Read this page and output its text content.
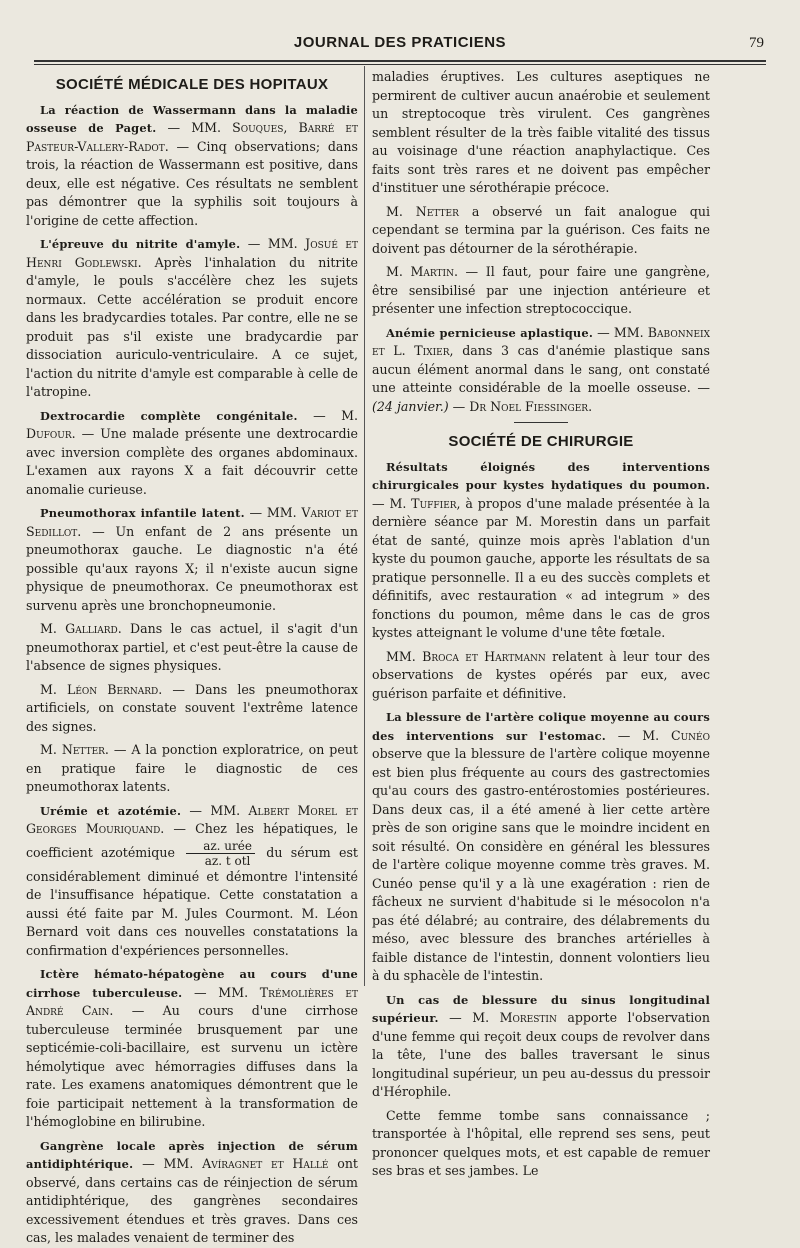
JOURNAL DES PRATICIENS	79
SOCIÉTÉ MÉDICALE DES HOPITAUX

La réaction de Wassermann dans la maladie osseuse de Paget. — MM. Souques, Barré et Pasteur-Vallery-Radot. — Cinq observations; dans trois, la réaction de Wassermann est positive, dans deux, elle est négative. Ces résultats ne semblent pas démontrer que la syphilis soit toujours à l'origine de cette affection.

L'épreuve du nitrite d'amyle. — MM. Josué et Henri Godlewski. Après l'inhalation du nitrite d'amyle, le pouls s'accélère chez les sujets normaux. Cette accélération se produit encore dans les bradycardies totales. Par contre, elle ne se produit pas s'il existe une bradycardie par dissociation auriculo-ventriculaire. A ce sujet, l'action du nitrite d'amyle est comparable à celle de l'atropine.

Dextrocardie complète congénitale. — M. Dufour. — Une malade présente une dextrocardie avec inversion complète des organes abdominaux. L'examen aux rayons X a fait découvrir cette anomalie curieuse.

Pneumothorax infantile latent. — MM. Variot et Sedillot. — Un enfant de 2 ans présente un pneumothorax gauche. Le diagnostic n'a été possible qu'aux rayons X; il n'existe aucun signe physique de pneumothorax. Ce pneumothorax est survenu après une bronchopneumonie.

M. Galliard. Dans le cas actuel, il s'agit d'un pneumothorax partiel, et c'est peut-être la cause de l'absence de signes physiques.

M. Léon Bernard. — Dans les pneumothorax artificiels, on constate souvent l'extrême latence des signes.

M. Netter. — A la ponction exploratrice, on peut en pratique faire le diagnostic de ces pneumothorax latents.

Urémie et azotémie. — MM. Albert Morel et Georges Mouriquand. — Chez les hépatiques, le coefficient azotémique $\frac{\text{az. urée}}{\text{az. t otl}}$ du sérum est considérablement diminué et démontre l'intensité de l'insuffisance hépatique. Cette constatation a aussi été faite par M. Jules Courmont. M. Léon Bernard voit dans ces nouvelles constatations la confirmation d'expériences personnelles.

Ictère hémato-hépatogène au cours d'une cirrhose tuberculeuse. — MM. Trémolières et André Cain. — Au cours d'une cirrhose tuberculeuse terminée brusquement par une septicémie-coli-bacillaire, est survenu un ictère hémolytique avec hémorragies diffuses dans la rate. Les examens anatomiques démontrent que le foie participait nettement à la transformation de l'hémoglobine en bilirubine.

Gangrène locale après injection de sérum antidiphtérique. — MM. Avíragnet et Hallé ont observé, dans certains cas de réinjection de sérum antidiphtérique, des gangrènes secondaires excessivement étendues et très graves. Dans ces cas, les malades venaient de terminer des

maladies éruptives. Les cultures aseptiques ne permirent de cultiver aucun anaérobie et seulement un streptocoque très virulent. Ces gangrènes semblent résulter de la très faible vitalité des tissus au voisinage d'une réaction anaphylactique. Ces faits sont très rares et ne doivent pas empêcher d'instituer une sérothérapie précoce.

M. Netter a observé un fait analogue qui cependant se termina par la guérison. Ces faits ne doivent pas détourner de la sérothérapie.

M. Martin. — Il faut, pour faire une gangrène, être sensibilisé par une injection antérieure et présenter une infection streptococcique.

Anémie pernicieuse aplastique. — MM. Babonneix et L. Tixier, dans 3 cas d'anémie plastique sans aucun élément anormal dans le sang, ont constaté une atteinte considérable de la moelle osseuse. — (24 janvier.) — Dr Noel Fiessinger.

SOCIÉTÉ DE CHIRURGIE

Résultats éloignés des interventions chirurgicales pour kystes hydatiques du poumon. — M. Tuffier, à propos d'une malade présentée à la dernière séance par M. Morestin dans un parfait état de santé, quinze mois après l'ablation d'un kyste du poumon gauche, apporte les résultats de sa pratique personnelle. Il a eu des succès complets et définitifs, avec restauration « ad integrum » des fonctions du poumon, même dans le cas de gros kystes atteignant le volume d'une tête fœtale.

MM. Broca et Hartmann relatent à leur tour des observations de kystes opérés par eux, avec guérison parfaite et définitive.

La blessure de l'artère colique moyenne au cours des interventions sur l'estomac. — M. Cunéo observe que la blessure de l'artère colique moyenne est bien plus fréquente au cours des gastrectomies qu'au cours des gastro-entérostomies postérieures. Dans deux cas, il a été amené à lier cette artère près de son origine sans que le moindre incident en soit résulté. On considère en général les blessures de l'artère colique moyenne comme très graves. M. Cunéo pense qu'il y a là une exagération : rien de fâcheux ne survient d'habitude si le mésocolon n'a pas été délabré; au contraire, des délabrements du méso, avec blessure des branches artérielles à faible distance de l'intestin, donnent volontiers lieu à du sphacèle de l'intestin.

Un cas de blessure du sinus longitudinal supérieur. — M. Morestin apporte l'observation d'une femme qui reçoit deux coups de revolver dans la tête, l'une des balles traversant le sinus longitudinal supérieur, un peu au-dessus du pressoir d'Hérophile.

Cette femme tombe sans connaissance ; transportée à l'hôpital, elle reprend ses sens, peut prononcer quelques mots, et est capable de remuer ses bras et ses jambes. Le
